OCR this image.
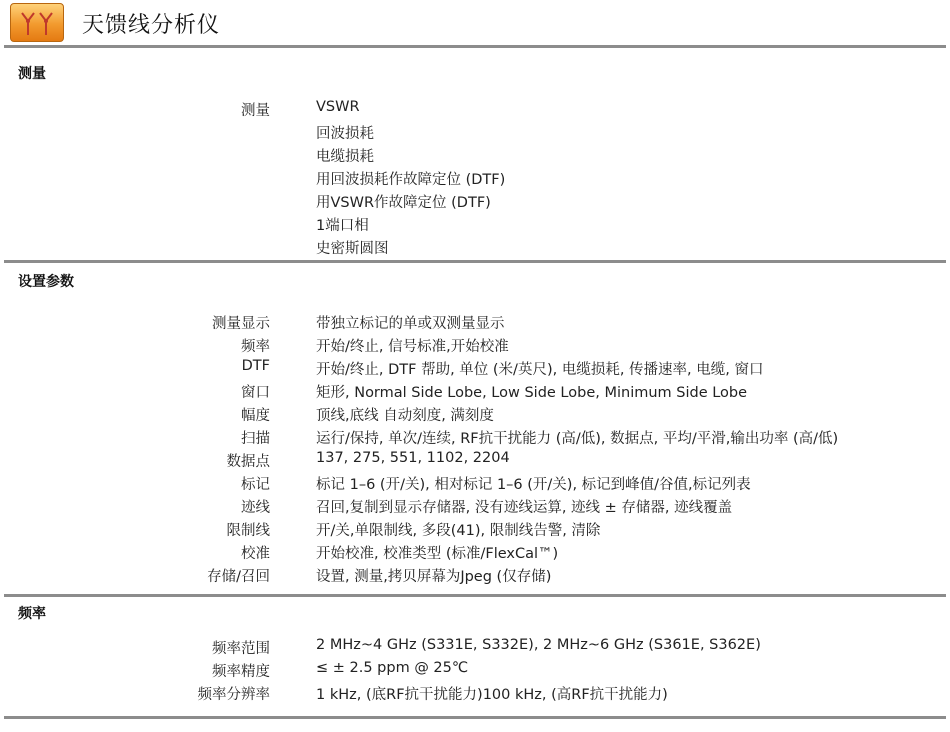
天馈线分析仪
测量
设置参数
频率
测量	VSWR
回波损耗
电缆损耗
用回波损耗作故障定位 (DTF)
用VSWR作故障定位 (DTF)
1端口相
史密斯圆图
测量显示	带独立标记的单或双测量显示
频率	开始/终止, 信号标准,开始校准
DTF	开始/终止, DTF 帮助, 单位 (米/英尺), 电缆损耗, 传播速率, 电缆, 窗口
窗口	矩形, Normal Side Lobe, Low Side Lobe, Minimum Side Lobe
幅度	顶线,底线 自动刻度, 满刻度
扫描	运行/保持, 单次/连续, RF抗干扰能力 (高/低), 数据点, 平均/平滑,输出功率 (高/低)
数据点	137, 275, 551, 1102, 2204
标记	标记 1–6 (开/关), 相对标记 1–6 (开/关), 标记到峰值/谷值,标记列表
迹线	召回,复制到显示存储器, 没有迹线运算, 迹线 ± 存储器, 迹线覆盖
限制线	开/关,单限制线, 多段(41), 限制线告警, 清除
校准	开始校准, 校准类型 (标准/FlexCal™)
存储/召回	设置, 测量,拷贝屏幕为Jpeg (仅存储)
频率范围	2 MHz~4 GHz (S331E, S332E), 2 MHz~6 GHz (S361E, S362E)
频率精度	≤ ± 2.5 ppm @ 25℃
频率分辨率	1 kHz, (底RF抗干扰能力)100 kHz, (高RF抗干扰能力)
